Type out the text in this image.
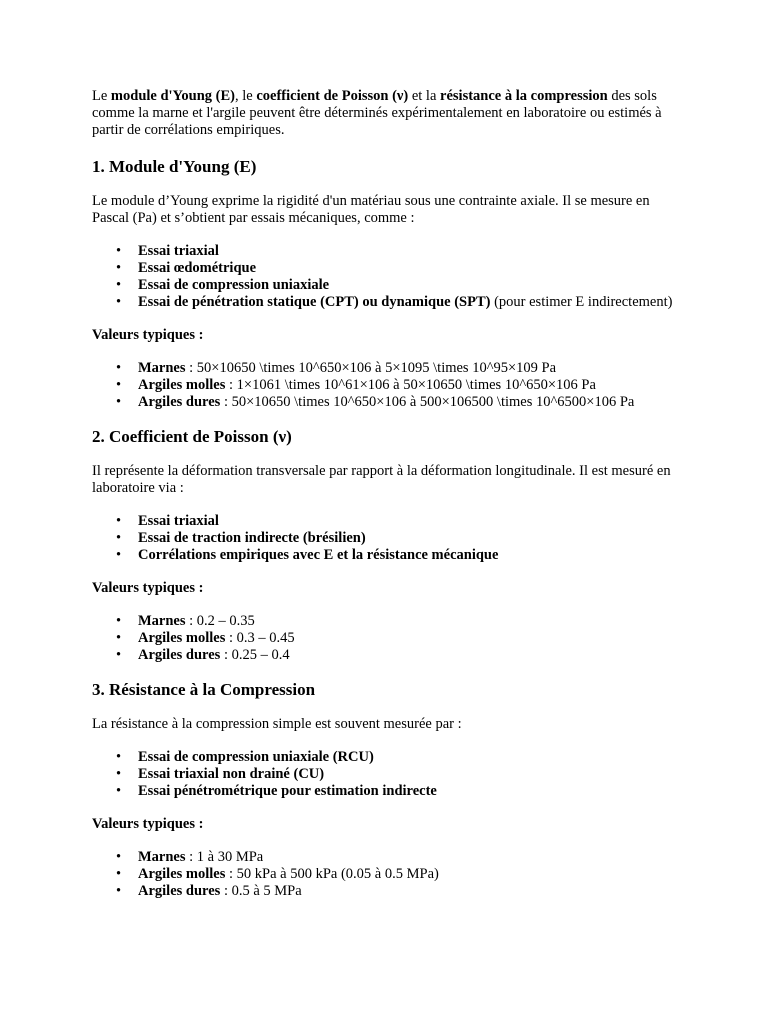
Le module d'Young (E), le coefficient de Poisson (ν) et la résistance à la compression des sols comme la marne et l'argile peuvent être déterminés expérimentalement en laboratoire ou estimés à partir de corrélations empiriques.

1. Module d'Young (E)

Le module d’Young exprime la rigidité d'un matériau sous une contrainte axiale. Il se mesure en Pascal (Pa) et s’obtient par essais mécaniques, comme :

• Essai triaxial
• Essai œdométrique
• Essai de compression uniaxiale
• Essai de pénétration statique (CPT) ou dynamique (SPT) (pour estimer E indirectement)

Valeurs typiques :

• Marnes : 50×10650 \times 10^650×106 à 5×1095 \times 10^95×109 Pa
• Argiles molles : 1×1061 \times 10^61×106 à 50×10650 \times 10^650×106 Pa
• Argiles dures : 50×10650 \times 10^650×106 à 500×106500 \times 10^6500×106 Pa
2. Coefficient de Poisson (ν)

Il représente la déformation transversale par rapport à la déformation longitudinale. Il est mesuré en laboratoire via :

• Essai triaxial
• Essai de traction indirecte (brésilien)
• Corrélations empiriques avec E et la résistance mécanique

Valeurs typiques :

• Marnes : 0.2 – 0.35
• Argiles molles : 0.3 – 0.45
• Argiles dures : 0.25 – 0.4
3. Résistance à la Compression

La résistance à la compression simple est souvent mesurée par :

• Essai de compression uniaxiale (RCU)
• Essai triaxial non drainé (CU)
• Essai pénétrométrique pour estimation indirecte

Valeurs typiques :

• Marnes : 1 à 30 MPa
• Argiles molles : 50 kPa à 500 kPa (0.05 à 0.5 MPa)
• Argiles dures : 0.5 à 5 MPa
